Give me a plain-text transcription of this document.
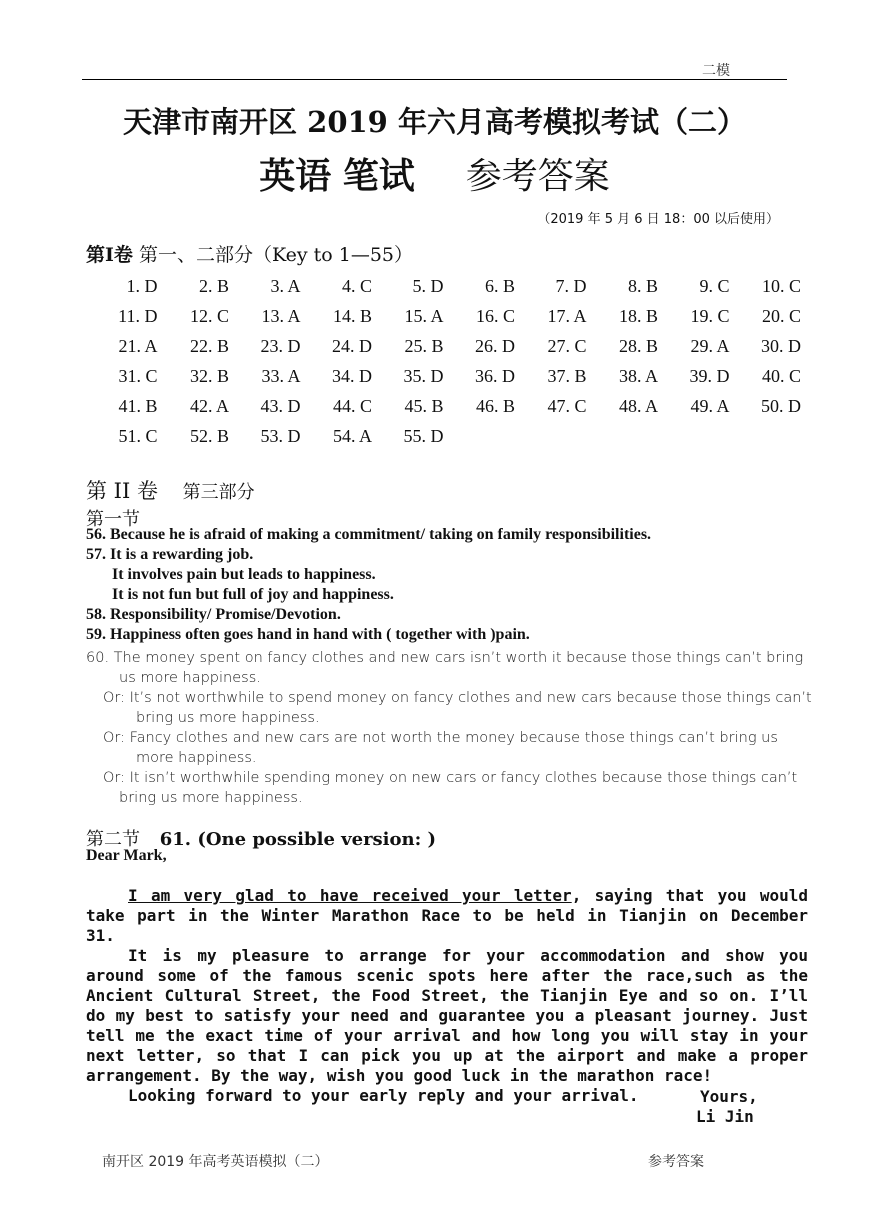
二模
天津市南开区 2019 年六月高考模拟考试（二）
英语 笔试 参考答案
（2019 年 5 月 6 日 18：00 以后使用）
第I卷 第一、二部分（Key to 1—55）
1. D	2. B	3. A	4. C	5. D	6. B	7. D	8. B	9. C	10. C
11. D	12. C	13. A	14. B	15. A	16. C	17. A	18. B	19. C	20. C
21. A	22. B	23. D	24. D	25. B	26. D	27. C	28. B	29. A	30. D
31. C	32. B	33. A	34. D	35. D	36. D	37. B	38. A	39. D	40. C
41. B	42. A	43. D	44. C	45. B	46. B	47. C	48. A	49. A	50. D
51. C	52. B	53. D	54. A	55. D
第 II 卷 第三部分
第一节
56. Because he is afraid of making a commitment/ taking on family responsibilities.
57. It is a rewarding job.
It involves pain but leads to happiness.
It is not fun but full of joy and happiness.
58. Responsibility/ Promise/Devotion.
59. Happiness often goes hand in hand with ( together with )pain.

60. The money spent on fancy clothes and new cars isn’t worth it because those things can’t bring

us more happiness.

Or: It’s not worthwhile to spend money on fancy clothes and new cars because those things can’t

bring us more happiness.

Or: Fancy clothes and new cars are not worth the money because those things can’t bring us

more happiness.

Or: It isn’t worthwhile spending money on new cars or fancy clothes because those things can’t

bring us more happiness.

第二节 61. (One possible version: )
Dear Mark,

I am very glad to have received your letter, saying that you would take part in the Winter Marathon Race to be held in Tianjin on December 31.

It is my pleasure to arrange for your accommodation and show you around some of the famous scenic spots here after the race,such as the Ancient Cultural Street, the Food Street, the Tianjin Eye and so on. I’ll do my best to satisfy your need and guarantee you a pleasant journey. Just tell me the exact time of your arrival and how long you will stay in your next letter, so that I can pick you up at the airport and make a proper arrangement. By the way, wish you good luck in the marathon race!

Looking forward to your early reply and your arrival.	Yours,
Li Jin
南开区 2019 年高考英语模拟（二）	参考答案
